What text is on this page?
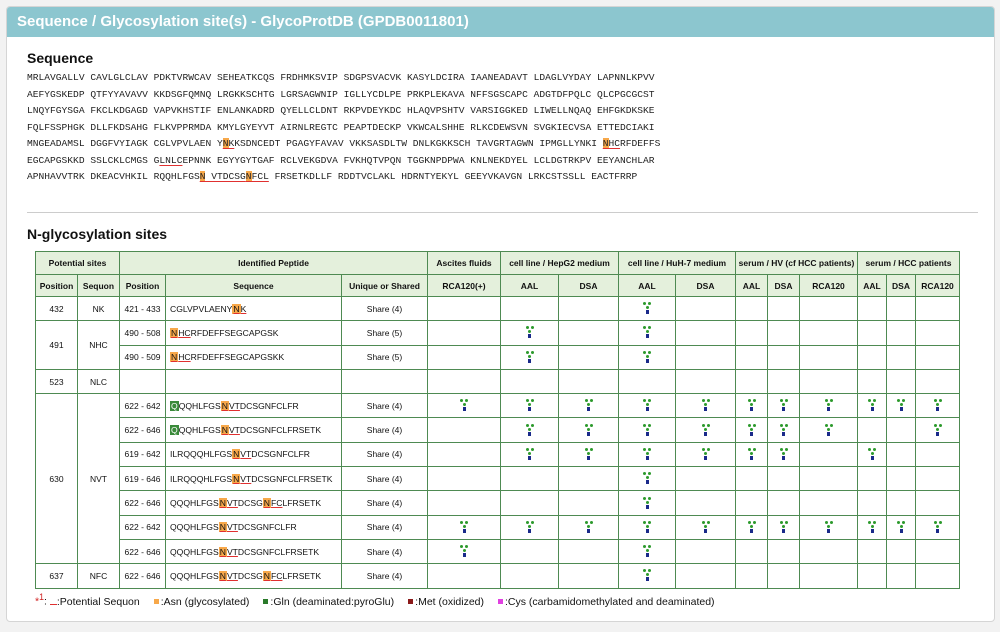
Sequence / Glycosylation site(s) - GlycoProtDB (GPDB0011801)
Sequence
MRLAVGALLV CAVLGLCLAV PDKTVRWCAV SEHEATKCQS FRDHMKSVIP SDGPSVACVK KASYLDCIRA IAANEADAVT LDAGLVYDAY LAPNNLKPVV
AEFYGSKEDP QTFYYAVAVV KKDSGFQMNQ LRGKKSCHTG LGRSAGWNIP IGLLYCDLPE PRKPLEKAVA NFFSGSCAPC ADGTDFPQLC QLCPGCGCST
LNQYFGYSGA FKCLKDGAGD VAPVKHSTIF ENLANKADRD QYELLCLDNT RKPVDEYKDC HLAQVPSHTV VARSIGGKED LIWELLNQAQ EHFGKDKSKE
FQLFSSPHGK DLLFKDSAHG FLKVPPRMDA KMYLGYEYVT AIRNLREGTC PEAPTDECKP VKWCALSHHE RLKCDEWSVN SVGKIECVSA ETTEDCIAKI
MNGEADAMSL DGGFVYIAGK CGLVPVLAEN YNKKSDNCEDT PGAGYFAVAV VKKSASDLTW DNLKGKKSCH TAVGRTAGWN IPMGLLYNKI NHCRFDEFFS
EGCAPGSKKD SSLCKLCMGS GLNLCEPNNK EGYYGYTGAF RCLVEKGDVA FVKHQTVPQN TGGKNPDPWA KNLNEKDYEL LCLDGTRKPV EEYANCHLAR
APNHAVVTRK DKEACVHKIL RQQHLFGSN VTDCSGNFCL FRSETKDLLF RDDTVCLAKL HDRNTYEKYL GEEYVKAVGN LRKCSTSSLL EACTFRRP
N-glycosylation sites
Potential sites		Identified Peptide			Ascites fluids	cell line / HepG2 medium		cell line / HuH-7 medium		serum / HV (cf HCC patients)			serum / HCC patients		
Position	Sequon	Position	Sequence	Unique or Shared	RCA120(+)	AAL	DSA	AAL	DSA	AAL	DSA	RCA120	AAL	DSA	RCA120
432	NK	421 - 433	CGLVPVLAENYNK	Share (4)				

491	NHC	490 - 508	NHCRFDEFFSEGCAPGSK	Share (5)		

		490 - 509	NHCRFDEFFSEGCAPGSKK	Share (5)		

523	NLC														
630	NVT	622 - 642	QQQHLFGSNVTDCSGNFCLFR	Share (4)	

		622 - 646	QQQHLFGSNVTDCSGNFCLFRSETK	Share (4)		

		619 - 642	ILRQQQHLFGSNVTDCSGNFCLFR	Share (4)		

		619 - 646	ILRQQQHLFGSNVTDCSGNFCLFRSETK	Share (4)				

		622 - 646	QQQHLFGSNVTDCSGNFCLFRSETK	Share (4)				

		622 - 642	QQQHLFGSNVTDCSGNFCLFR	Share (4)	

		622 - 646	QQQHLFGSNVTDCSGNFCLFRSETK	Share (4)	

637	NFC	622 - 646	QQQHLFGSNVTDCSGNFCLFRSETK	Share (4)				

*$^1$: :Potential Sequon :Asn (glycosylated) :Gln (deaminated:pyroGlu) :Met (oxidized) :Cys (carbamidomethylated and deaminated)
